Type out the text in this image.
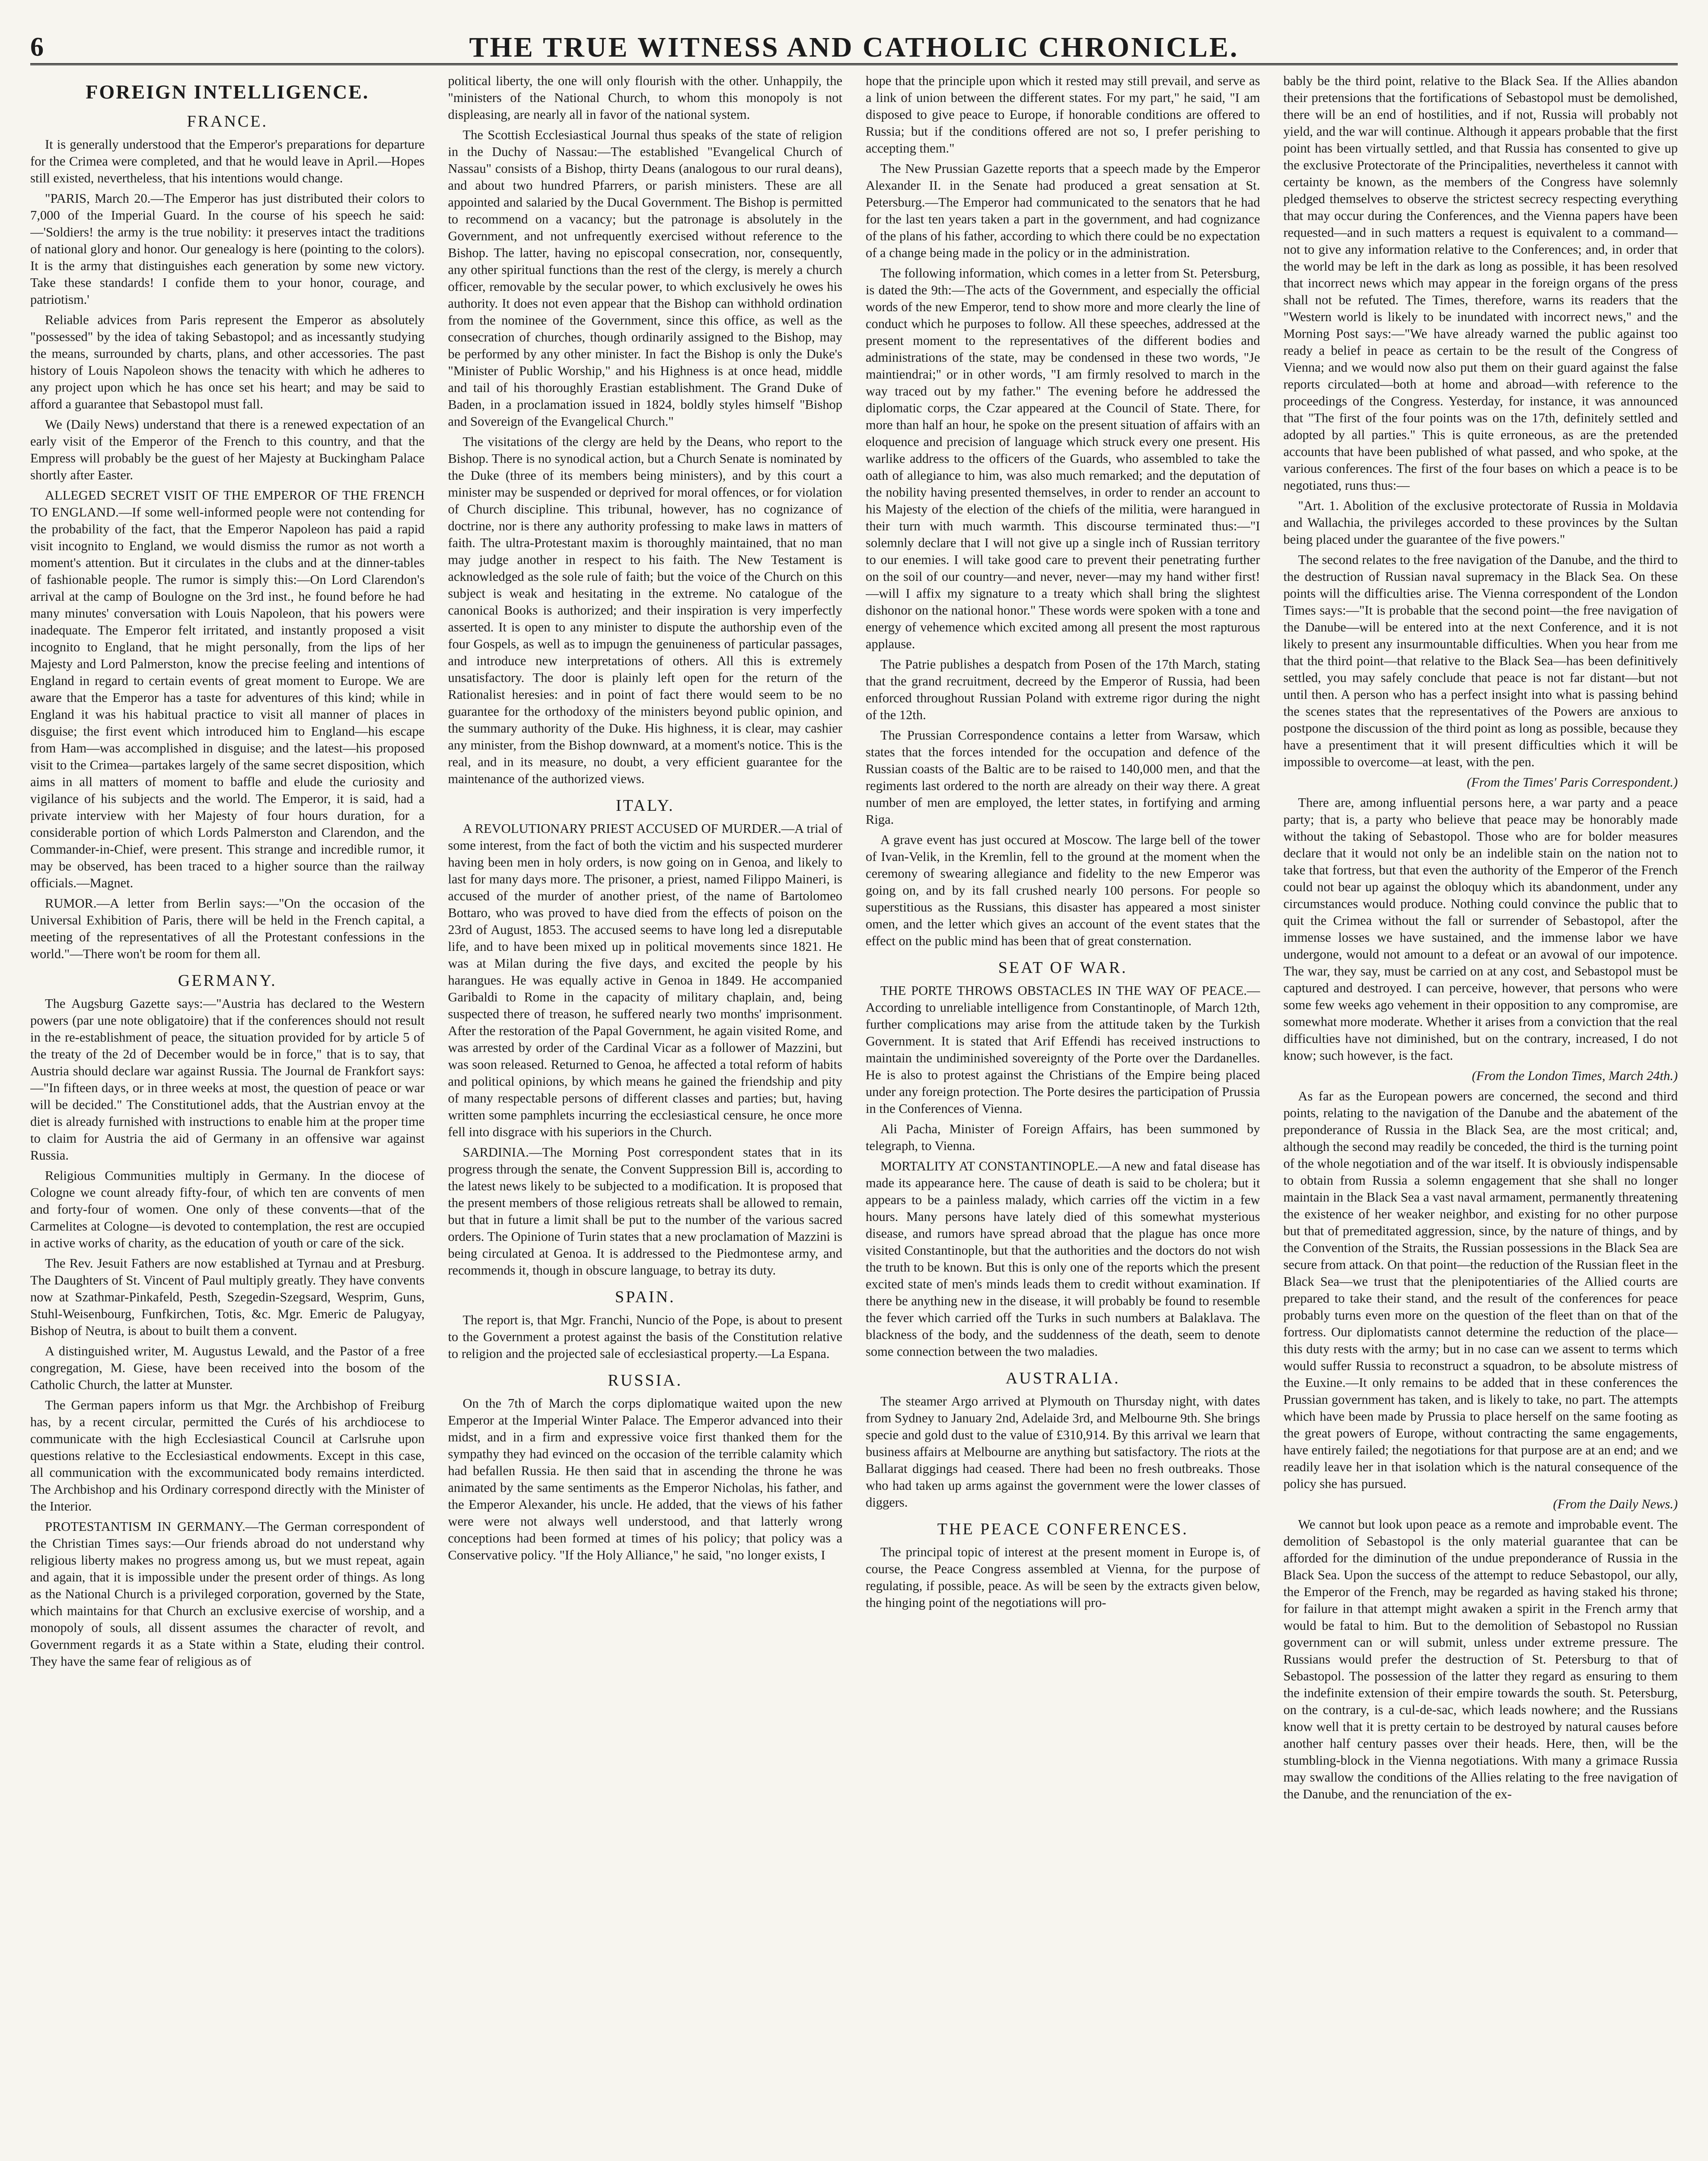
6	THE TRUE WITNESS AND CATHOLIC CHRONICLE.
FOREIGN INTELLIGENCE.
FRANCE.

It is generally understood that the Emperor's preparations for departure for the Crimea were completed, and that he would leave in April.—Hopes still existed, nevertheless, that his intentions would change.

"PARIS, March 20.—The Emperor has just distributed their colors to 7,000 of the Imperial Guard. In the course of his speech he said:—'Soldiers! the army is the true nobility: it preserves intact the traditions of national glory and honor. Our genealogy is here (pointing to the colors). It is the army that distinguishes each generation by some new victory. Take these standards! I confide them to your honor, courage, and patriotism.'

Reliable advices from Paris represent the Emperor as absolutely "possessed" by the idea of taking Sebastopol; and as incessantly studying the means, surrounded by charts, plans, and other accessories. The past history of Louis Napoleon shows the tenacity with which he adheres to any project upon which he has once set his heart; and may be said to afford a guarantee that Sebastopol must fall.

We (Daily News) understand that there is a renewed expectation of an early visit of the Emperor of the French to this country, and that the Empress will probably be the guest of her Majesty at Buckingham Palace shortly after Easter.

ALLEGED SECRET VISIT OF THE EMPEROR OF THE FRENCH TO ENGLAND.—If some well-informed people were not contending for the probability of the fact, that the Emperor Napoleon has paid a rapid visit incognito to England, we would dismiss the rumor as not worth a moment's attention. But it circulates in the clubs and at the dinner-tables of fashionable people. The rumor is simply this:—On Lord Clarendon's arrival at the camp of Boulogne on the 3rd inst., he found before he had many minutes' conversation with Louis Napoleon, that his powers were inadequate. The Emperor felt irritated, and instantly proposed a visit incognito to England, that he might personally, from the lips of her Majesty and Lord Palmerston, know the precise feeling and intentions of England in regard to certain events of great moment to Europe. We are aware that the Emperor has a taste for adventures of this kind; while in England it was his habitual practice to visit all manner of places in disguise; the first event which introduced him to England—his escape from Ham—was accomplished in disguise; and the latest—his proposed visit to the Crimea—partakes largely of the same secret disposition, which aims in all matters of moment to baffle and elude the curiosity and vigilance of his subjects and the world. The Emperor, it is said, had a private interview with her Majesty of four hours duration, for a considerable portion of which Lords Palmerston and Clarendon, and the Commander-in-Chief, were present. This strange and incredible rumor, it may be observed, has been traced to a higher source than the railway officials.—Magnet.

RUMOR.—A letter from Berlin says:—"On the occasion of the Universal Exhibition of Paris, there will be held in the French capital, a meeting of the representatives of all the Protestant confessions in the world."—There won't be room for them all.

GERMANY.

The Augsburg Gazette says:—"Austria has declared to the Western powers (par une note obligatoire) that if the conferences should not result in the re-establishment of peace, the situation provided for by article 5 of the treaty of the 2d of December would be in force," that is to say, that Austria should declare war against Russia. The Journal de Frankfort says:—"In fifteen days, or in three weeks at most, the question of peace or war will be decided." The Constitutionel adds, that the Austrian envoy at the diet is already furnished with instructions to enable him at the proper time to claim for Austria the aid of Germany in an offensive war against Russia.

Religious Communities multiply in Germany. In the diocese of Cologne we count already fifty-four, of which ten are convents of men and forty-four of women. One only of these convents—that of the Carmelites at Cologne—is devoted to contemplation, the rest are occupied in active works of charity, as the education of youth or care of the sick.

The Rev. Jesuit Fathers are now established at Tyrnau and at Presburg. The Daughters of St. Vincent of Paul multiply greatly. They have convents now at Szathmar-Pinkafeld, Pesth, Szegedin-Szegsard, Wesprim, Guns, Stuhl-Weisenbourg, Funfkirchen, Totis, &c. Mgr. Emeric de Palugyay, Bishop of Neutra, is about to built them a convent.

A distinguished writer, M. Augustus Lewald, and the Pastor of a free congregation, M. Giese, have been received into the bosom of the Catholic Church, the latter at Munster.

The German papers inform us that Mgr. the Archbishop of Freiburg has, by a recent circular, permitted the Curés of his archdiocese to communicate with the high Ecclesiastical Council at Carlsruhe upon questions relative to the Ecclesiastical endowments. Except in this case, all communication with the excommunicated body remains interdicted. The Archbishop and his Ordinary correspond directly with the Minister of the Interior.

PROTESTANTISM IN GERMANY.—The German correspondent of the Christian Times says:—Our friends abroad do not understand why religious liberty makes no progress among us, but we must repeat, again and again, that it is impossible under the present order of things. As long as the National Church is a privileged corporation, governed by the State, which maintains for that Church an exclusive exercise of worship, and a monopoly of souls, all dissent assumes the character of revolt, and Government regards it as a State within a State, eluding their control. They have the same fear of religious as of

political liberty, the one will only flourish with the other. Unhappily, the "ministers of the National Church, to whom this monopoly is not displeasing, are nearly all in favor of the national system.

The Scottish Ecclesiastical Journal thus speaks of the state of religion in the Duchy of Nassau:—The established "Evangelical Church of Nassau" consists of a Bishop, thirty Deans (analogous to our rural deans), and about two hundred Pfarrers, or parish ministers. These are all appointed and salaried by the Ducal Government. The Bishop is permitted to recommend on a vacancy; but the patronage is absolutely in the Government, and not unfrequently exercised without reference to the Bishop. The latter, having no episcopal consecration, nor, consequently, any other spiritual functions than the rest of the clergy, is merely a church officer, removable by the secular power, to which exclusively he owes his authority. It does not even appear that the Bishop can withhold ordination from the nominee of the Government, since this office, as well as the consecration of churches, though ordinarily assigned to the Bishop, may be performed by any other minister. In fact the Bishop is only the Duke's "Minister of Public Worship," and his Highness is at once head, middle and tail of his thoroughly Erastian establishment. The Grand Duke of Baden, in a proclamation issued in 1824, boldly styles himself "Bishop and Sovereign of the Evangelical Church."

The visitations of the clergy are held by the Deans, who report to the Bishop. There is no synodical action, but a Church Senate is nominated by the Duke (three of its members being ministers), and by this court a minister may be suspended or deprived for moral offences, or for violation of Church discipline. This tribunal, however, has no cognizance of doctrine, nor is there any authority professing to make laws in matters of faith. The ultra-Protestant maxim is thoroughly maintained, that no man may judge another in respect to his faith. The New Testament is acknowledged as the sole rule of faith; but the voice of the Church on this subject is weak and hesitating in the extreme. No catalogue of the canonical Books is authorized; and their inspiration is very imperfectly asserted. It is open to any minister to dispute the authorship even of the four Gospels, as well as to impugn the genuineness of particular passages, and introduce new interpretations of others. All this is extremely unsatisfactory. The door is plainly left open for the return of the Rationalist heresies: and in point of fact there would seem to be no guarantee for the orthodoxy of the ministers beyond public opinion, and the summary authority of the Duke. His highness, it is clear, may cashier any minister, from the Bishop downward, at a moment's notice. This is the real, and in its measure, no doubt, a very efficient guarantee for the maintenance of the authorized views.

ITALY.

A REVOLUTIONARY PRIEST ACCUSED OF MURDER.—A trial of some interest, from the fact of both the victim and his suspected murderer having been men in holy orders, is now going on in Genoa, and likely to last for many days more. The prisoner, a priest, named Filippo Maineri, is accused of the murder of another priest, of the name of Bartolomeo Bottaro, who was proved to have died from the effects of poison on the 23rd of August, 1853. The accused seems to have long led a disreputable life, and to have been mixed up in political movements since 1821. He was at Milan during the five days, and excited the people by his harangues. He was equally active in Genoa in 1849. He accompanied Garibaldi to Rome in the capacity of military chaplain, and, being suspected there of treason, he suffered nearly two months' imprisonment. After the restoration of the Papal Government, he again visited Rome, and was arrested by order of the Cardinal Vicar as a follower of Mazzini, but was soon released. Returned to Genoa, he affected a total reform of habits and political opinions, by which means he gained the friendship and pity of many respectable persons of different classes and parties; but, having written some pamphlets incurring the ecclesiastical censure, he once more fell into disgrace with his superiors in the Church.

SARDINIA.—The Morning Post correspondent states that in its progress through the senate, the Convent Suppression Bill is, according to the latest news likely to be subjected to a modification. It is proposed that the present members of those religious retreats shall be allowed to remain, but that in future a limit shall be put to the number of the various sacred orders. The Opinione of Turin states that a new proclamation of Mazzini is being circulated at Genoa. It is addressed to the Piedmontese army, and recommends it, though in obscure language, to betray its duty.

SPAIN.

The report is, that Mgr. Franchi, Nuncio of the Pope, is about to present to the Government a protest against the basis of the Constitution relative to religion and the projected sale of ecclesiastical property.—La Espana.

RUSSIA.

On the 7th of March the corps diplomatique waited upon the new Emperor at the Imperial Winter Palace. The Emperor advanced into their midst, and in a firm and expressive voice first thanked them for the sympathy they had evinced on the occasion of the terrible calamity which had befallen Russia. He then said that in ascending the throne he was animated by the same sentiments as the Emperor Nicholas, his father, and the Emperor Alexander, his uncle. He added, that the views of his father were were not always well understood, and that latterly wrong conceptions had been formed at times of his policy; that policy was a Conservative policy. "If the Holy Alliance," he said, "no longer exists, I

hope that the principle upon which it rested may still prevail, and serve as a link of union between the different states. For my part," he said, "I am disposed to give peace to Europe, if honorable conditions are offered to Russia; but if the conditions offered are not so, I prefer perishing to accepting them."

The New Prussian Gazette reports that a speech made by the Emperor Alexander II. in the Senate had produced a great sensation at St. Petersburg.—The Emperor had communicated to the senators that he had for the last ten years taken a part in the government, and had cognizance of the plans of his father, according to which there could be no expectation of a change being made in the policy or in the administration.

The following information, which comes in a letter from St. Petersburg, is dated the 9th:—The acts of the Government, and especially the official words of the new Emperor, tend to show more and more clearly the line of conduct which he purposes to follow. All these speeches, addressed at the present moment to the representatives of the different bodies and administrations of the state, may be condensed in these two words, "Je maintiendrai;" or in other words, "I am firmly resolved to march in the way traced out by my father." The evening before he addressed the diplomatic corps, the Czar appeared at the Council of State. There, for more than half an hour, he spoke on the present situation of affairs with an eloquence and precision of language which struck every one present. His warlike address to the officers of the Guards, who assembled to take the oath of allegiance to him, was also much remarked; and the deputation of the nobility having presented themselves, in order to render an account to his Majesty of the election of the chiefs of the militia, were harangued in their turn with much warmth. This discourse terminated thus:—"I solemnly declare that I will not give up a single inch of Russian territory to our enemies. I will take good care to prevent their penetrating further on the soil of our country—and never, never—may my hand wither first!—will I affix my signature to a treaty which shall bring the slightest dishonor on the national honor." These words were spoken with a tone and energy of vehemence which excited among all present the most rapturous applause.

The Patrie publishes a despatch from Posen of the 17th March, stating that the grand recruitment, decreed by the Emperor of Russia, had been enforced throughout Russian Poland with extreme rigor during the night of the 12th.

The Prussian Correspondence contains a letter from Warsaw, which states that the forces intended for the occupation and defence of the Russian coasts of the Baltic are to be raised to 140,000 men, and that the regiments last ordered to the north are already on their way there. A great number of men are employed, the letter states, in fortifying and arming Riga.

A grave event has just occured at Moscow. The large bell of the tower of Ivan-Velik, in the Kremlin, fell to the ground at the moment when the ceremony of swearing allegiance and fidelity to the new Emperor was going on, and by its fall crushed nearly 100 persons. For people so superstitious as the Russians, this disaster has appeared a most sinister omen, and the letter which gives an account of the event states that the effect on the public mind has been that of great consternation.

SEAT OF WAR.

THE PORTE THROWS OBSTACLES IN THE WAY OF PEACE.—According to unreliable intelligence from Constantinople, of March 12th, further complications may arise from the attitude taken by the Turkish Government. It is stated that Arif Effendi has received instructions to maintain the undiminished sovereignty of the Porte over the Dardanelles. He is also to protest against the Christians of the Empire being placed under any foreign protection. The Porte desires the participation of Prussia in the Conferences of Vienna.

Ali Pacha, Minister of Foreign Affairs, has been summoned by telegraph, to Vienna.

MORTALITY AT CONSTANTINOPLE.—A new and fatal disease has made its appearance here. The cause of death is said to be cholera; but it appears to be a painless malady, which carries off the victim in a few hours. Many persons have lately died of this somewhat mysterious disease, and rumors have spread abroad that the plague has once more visited Constantinople, but that the authorities and the doctors do not wish the truth to be known. But this is only one of the reports which the present excited state of men's minds leads them to credit without examination. If there be anything new in the disease, it will probably be found to resemble the fever which carried off the Turks in such numbers at Balaklava. The blackness of the body, and the suddenness of the death, seem to denote some connection between the two maladies.

AUSTRALIA.

The steamer Argo arrived at Plymouth on Thursday night, with dates from Sydney to January 2nd, Adelaide 3rd, and Melbourne 9th. She brings specie and gold dust to the value of £310,914. By this arrival we learn that business affairs at Melbourne are anything but satisfactory. The riots at the Ballarat diggings had ceased. There had been no fresh outbreaks. Those who had taken up arms against the government were the lower classes of diggers.

THE PEACE CONFERENCES.

The principal topic of interest at the present moment in Europe is, of course, the Peace Congress assembled at Vienna, for the purpose of regulating, if possible, peace. As will be seen by the extracts given below, the hinging point of the negotiations will pro-

bably be the third point, relative to the Black Sea. If the Allies abandon their pretensions that the fortifications of Sebastopol must be demolished, there will be an end of hostilities, and if not, Russia will probably not yield, and the war will continue. Although it appears probable that the first point has been virtually settled, and that Russia has consented to give up the exclusive Protectorate of the Principalities, nevertheless it cannot with certainty be known, as the members of the Congress have solemnly pledged themselves to observe the strictest secrecy respecting everything that may occur during the Conferences, and the Vienna papers have been requested—and in such matters a request is equivalent to a command—not to give any information relative to the Conferences; and, in order that the world may be left in the dark as long as possible, it has been resolved that incorrect news which may appear in the foreign organs of the press shall not be refuted. The Times, therefore, warns its readers that the "Western world is likely to be inundated with incorrect news," and the Morning Post says:—"We have already warned the public against too ready a belief in peace as certain to be the result of the Congress of Vienna; and we would now also put them on their guard against the false reports circulated—both at home and abroad—with reference to the proceedings of the Congress. Yesterday, for instance, it was announced that "The first of the four points was on the 17th, definitely settled and adopted by all parties." This is quite erroneous, as are the pretended accounts that have been published of what passed, and who spoke, at the various conferences. The first of the four bases on which a peace is to be negotiated, runs thus:—

"Art. 1. Abolition of the exclusive protectorate of Russia in Moldavia and Wallachia, the privileges accorded to these provinces by the Sultan being placed under the guarantee of the five powers."

The second relates to the free navigation of the Danube, and the third to the destruction of Russian naval supremacy in the Black Sea. On these points will the difficulties arise. The Vienna correspondent of the London Times says:—"It is probable that the second point—the free navigation of the Danube—will be entered into at the next Conference, and it is not likely to present any insurmountable difficulties. When you hear from me that the third point—that relative to the Black Sea—has been definitively settled, you may safely conclude that peace is not far distant—but not until then. A person who has a perfect insight into what is passing behind the scenes states that the representatives of the Powers are anxious to postpone the discussion of the third point as long as possible, because they have a presentiment that it will present difficulties which it will be impossible to overcome—at least, with the pen.

(From the Times' Paris Correspondent.)

There are, among influential persons here, a war party and a peace party; that is, a party who believe that peace may be honorably made without the taking of Sebastopol. Those who are for bolder measures declare that it would not only be an indelible stain on the nation not to take that fortress, but that even the authority of the Emperor of the French could not bear up against the obloquy which its abandonment, under any circumstances would produce. Nothing could convince the public that to quit the Crimea without the fall or surrender of Sebastopol, after the immense losses we have sustained, and the immense labor we have undergone, would not amount to a defeat or an avowal of our impotence. The war, they say, must be carried on at any cost, and Sebastopol must be captured and destroyed. I can perceive, however, that persons who were some few weeks ago vehement in their opposition to any compromise, are somewhat more moderate. Whether it arises from a conviction that the real difficulties have not diminished, but on the contrary, increased, I do not know; such however, is the fact.

(From the London Times, March 24th.)

As far as the European powers are concerned, the second and third points, relating to the navigation of the Danube and the abatement of the preponderance of Russia in the Black Sea, are the most critical; and, although the second may readily be conceded, the third is the turning point of the whole negotiation and of the war itself. It is obviously indispensable to obtain from Russia a solemn engagement that she shall no longer maintain in the Black Sea a vast naval armament, permanently threatening the existence of her weaker neighbor, and existing for no other purpose but that of premeditated aggression, since, by the nature of things, and by the Convention of the Straits, the Russian possessions in the Black Sea are secure from attack. On that point—the reduction of the Russian fleet in the Black Sea—we trust that the plenipotentiaries of the Allied courts are prepared to take their stand, and the result of the conferences for peace probably turns even more on the question of the fleet than on that of the fortress. Our diplomatists cannot determine the reduction of the place—this duty rests with the army; but in no case can we assent to terms which would suffer Russia to reconstruct a squadron, to be absolute mistress of the Euxine.—It only remains to be added that in these conferences the Prussian government has taken, and is likely to take, no part. The attempts which have been made by Prussia to place herself on the same footing as the great powers of Europe, without contracting the same engagements, have entirely failed; the negotiations for that purpose are at an end; and we readily leave her in that isolation which is the natural consequence of the policy she has pursued.

(From the Daily News.)

We cannot but look upon peace as a remote and improbable event. The demolition of Sebastopol is the only material guarantee that can be afforded for the diminution of the undue preponderance of Russia in the Black Sea. Upon the success of the attempt to reduce Sebastopol, our ally, the Emperor of the French, may be regarded as having staked his throne; for failure in that attempt might awaken a spirit in the French army that would be fatal to him. But to the demolition of Sebastopol no Russian government can or will submit, unless under extreme pressure. The Russians would prefer the destruction of St. Petersburg to that of Sebastopol. The possession of the latter they regard as ensuring to them the indefinite extension of their empire towards the south. St. Petersburg, on the contrary, is a cul-de-sac, which leads nowhere; and the Russians know well that it is pretty certain to be destroyed by natural causes before another half century passes over their heads. Here, then, will be the stumbling-block in the Vienna negotiations. With many a grimace Russia may swallow the conditions of the Allies relating to the free navigation of the Danube, and the renunciation of the ex-
